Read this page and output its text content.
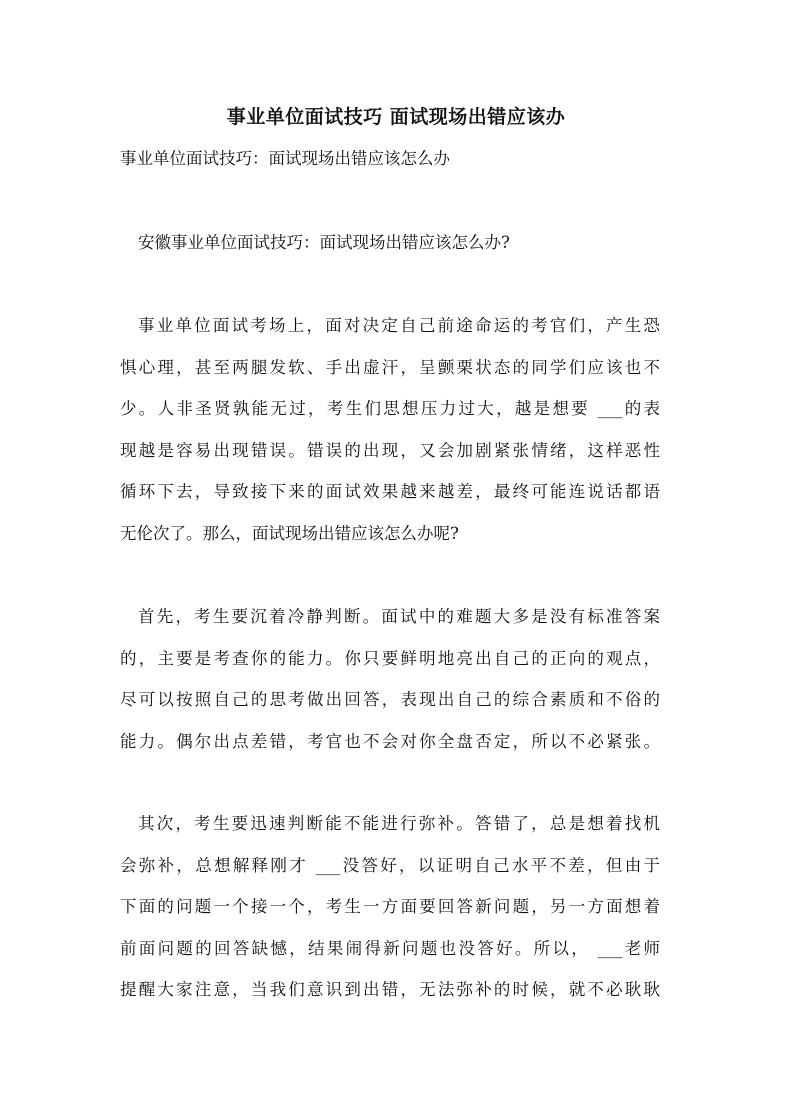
事业单位面试技巧 面试现场出错应该办
事业单位面试技巧：面试现场出错应该怎么办
安徽事业单位面试技巧：面试现场出错应该怎么办?
事业单位面试考场上，面对决定自己前途命运的考官们，产生恐
惧心理，甚至两腿发软、手出虚汗，呈颤栗状态的同学们应该也不
少。人非圣贤孰能无过，考生们思想压力过大，越是想要 ___的表
现越是容易出现错误。错误的出现，又会加剧紧张情绪，这样恶性
循环下去，导致接下来的面试效果越来越差，最终可能连说话都语
无伦次了。那么，面试现场出错应该怎么办呢?
首先，考生要沉着冷静判断。面试中的难题大多是没有标准答案
的，主要是考查你的能力。你只要鲜明地亮出自己的正向的观点，
尽可以按照自己的思考做出回答，表现出自己的综合素质和不俗的
能力。偶尔出点差错，考官也不会对你全盘否定，所以不必紧张。
其次，考生要迅速判断能不能进行弥补。答错了，总是想着找机
会弥补，总想解释刚才 ___没答好，以证明自己水平不差，但由于
下面的问题一个接一个，考生一方面要回答新问题，另一方面想着
前面问题的回答缺憾，结果闹得新问题也没答好。所以， ___老师
提醒大家注意，当我们意识到出错，无法弥补的时候，就不必耿耿
